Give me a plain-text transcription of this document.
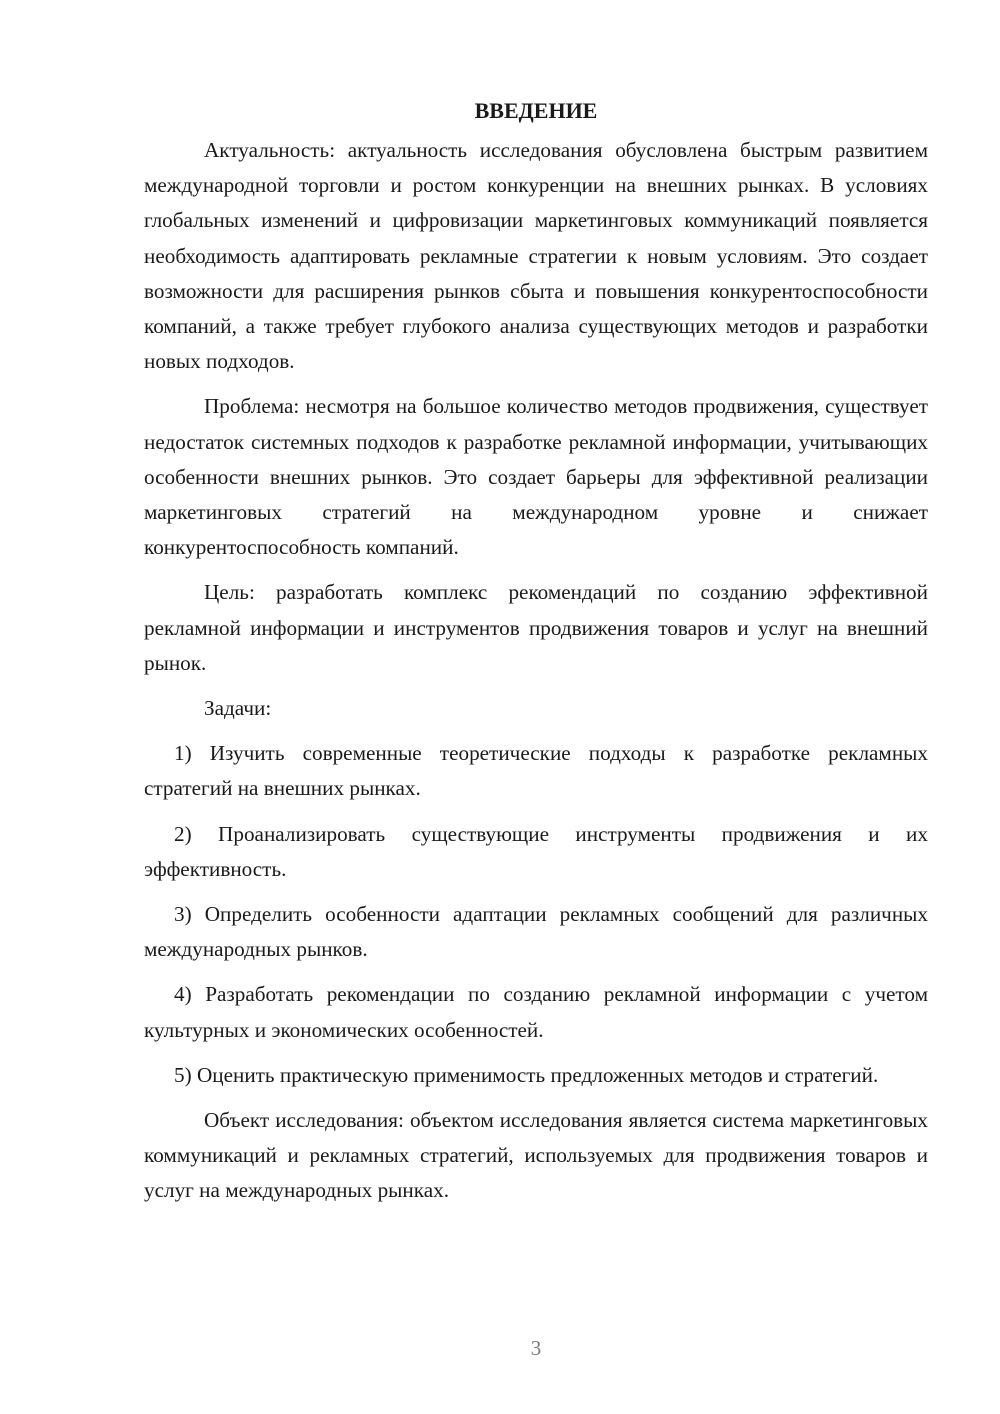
ВВЕДЕНИЕ

Актуальность: актуальность исследования обусловлена быстрым развитием международной торговли и ростом конкуренции на внешних рынках. В условиях глобальных изменений и цифровизации маркетинговых коммуникаций появляется необходимость адаптировать рекламные стратегии к новым условиям. Это создает возможности для расширения рынков сбыта и повышения конкурентоспособности компаний, а также требует глубокого анализа существующих методов и разработки новых подходов.

Проблема: несмотря на большое количество методов продвижения, существует недостаток системных подходов к разработке рекламной информации, учитывающих особенности внешних рынков. Это создает барьеры для эффективной реализации маркетинговых стратегий на международном уровне и снижает конкурентоспособность компаний.

Цель: разработать комплекс рекомендаций по созданию эффективной рекламной информации и инструментов продвижения товаров и услуг на внешний рынок.

Задачи:

1) Изучить современные теоретические подходы к разработке рекламных стратегий на внешних рынках.
2) Проанализировать существующие инструменты продвижения и их эффективность.
3) Определить особенности адаптации рекламных сообщений для различных международных рынков.
4) Разработать рекомендации по созданию рекламной информации с учетом культурных и экономических особенностей.
5) Оценить практическую применимость предложенных методов и стратегий.

Объект исследования: объектом исследования является система маркетинговых коммуникаций и рекламных стратегий, используемых для продвижения товаров и услуг на международных рынках.

3
